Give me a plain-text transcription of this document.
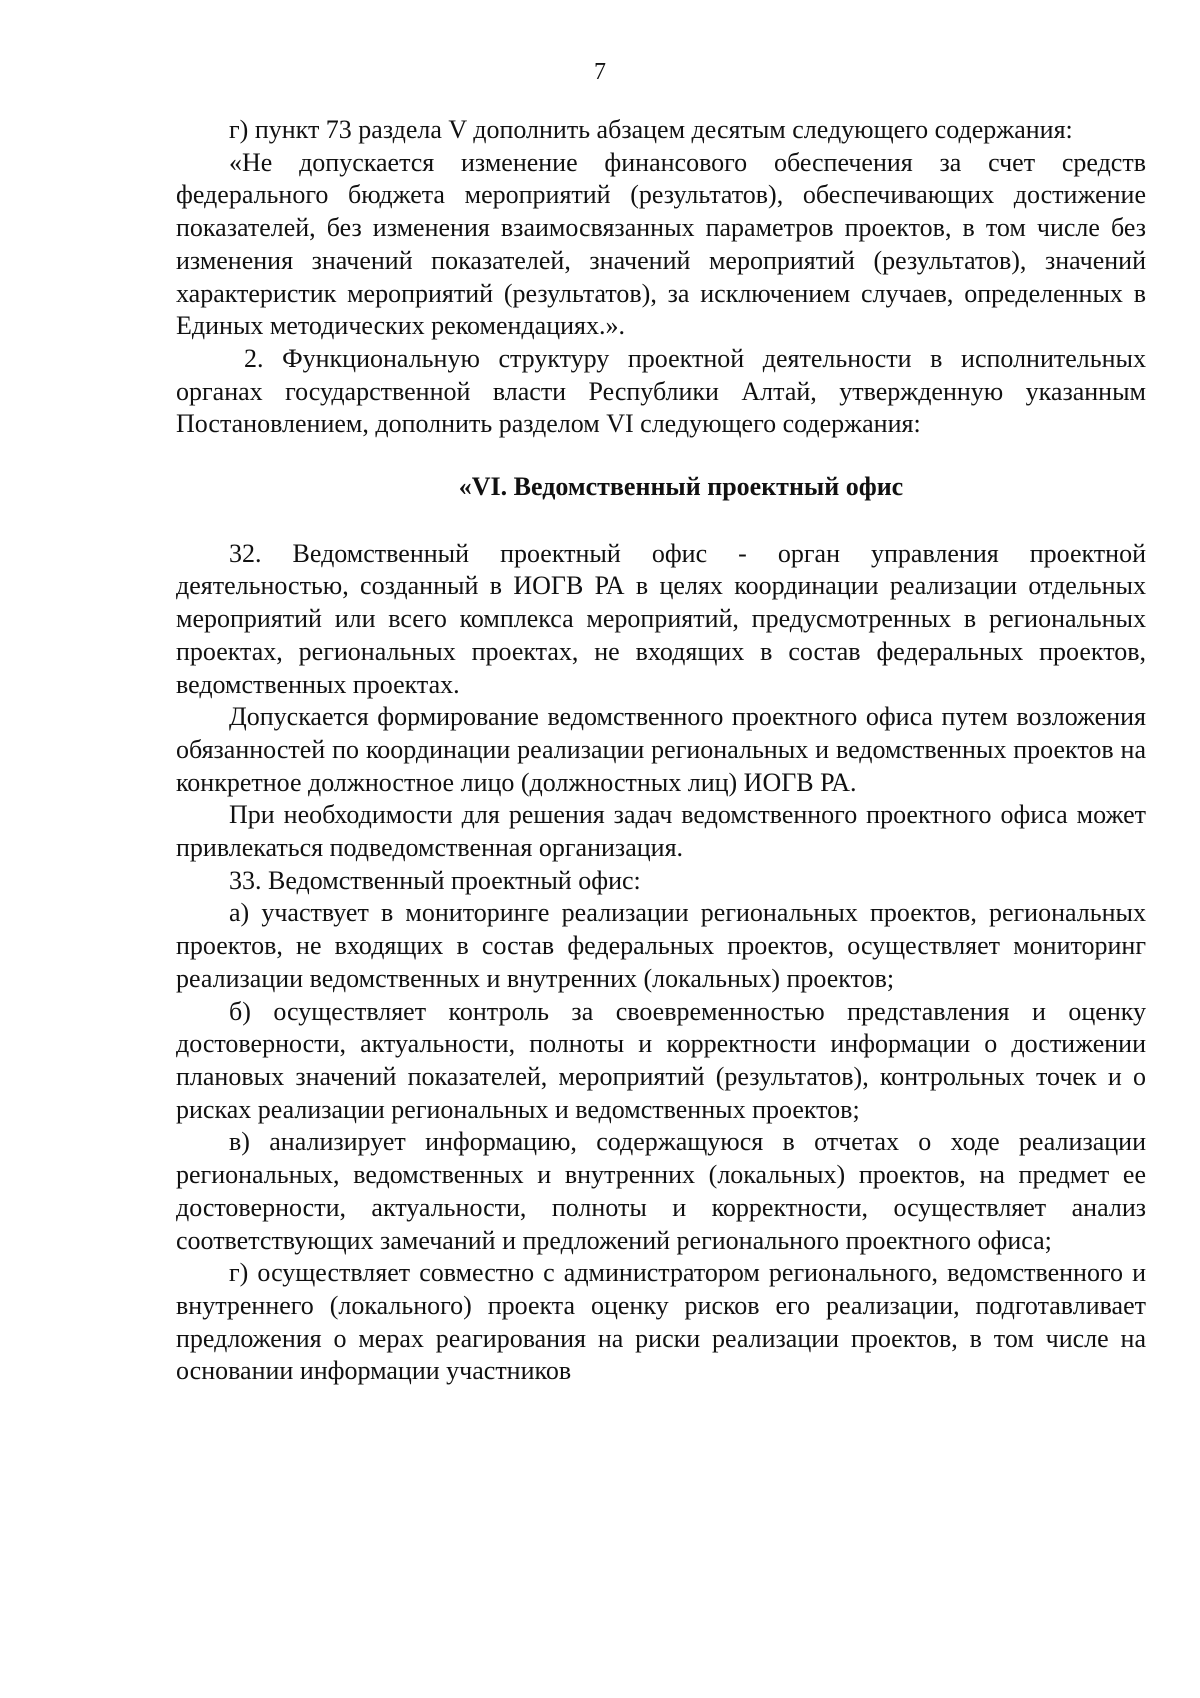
7

г) пункт 73 раздела V дополнить абзацем десятым следующего содержания:

«Не допускается изменение финансового обеспечения за счет средств федерального бюджета мероприятий (результатов), обеспечивающих достижение показателей, без изменения взаимосвязанных параметров проектов, в том числе без изменения значений показателей, значений мероприятий (результатов), значений характеристик мероприятий (результатов), за исключением случаев, определенных в Единых методических рекомендациях.».

2. Функциональную структуру проектной деятельности в исполнительных органах государственной власти Республики Алтай, утвержденную указанным Постановлением, дополнить разделом VI следующего содержания:

«VI. Ведомственный проектный офис

32. Ведомственный проектный офис - орган управления проектной деятельностью, созданный в ИОГВ РА в целях координации реализации отдельных мероприятий или всего комплекса мероприятий, предусмотренных в региональных проектах, региональных проектах, не входящих в состав федеральных проектов, ведомственных проектах.

Допускается формирование ведомственного проектного офиса путем возложения обязанностей по координации реализации региональных и ведомственных проектов на конкретное должностное лицо (должностных лиц) ИОГВ РА.

При необходимости для решения задач ведомственного проектного офиса может привлекаться подведомственная организация.

33. Ведомственный проектный офис:

а) участвует в мониторинге реализации региональных проектов, региональных проектов, не входящих в состав федеральных проектов, осуществляет мониторинг реализации ведомственных и внутренних (локальных) проектов;

б) осуществляет контроль за своевременностью представления и оценку достоверности, актуальности, полноты и корректности информации о достижении плановых значений показателей, мероприятий (результатов), контрольных точек и о рисках реализации региональных и ведомственных проектов;

в) анализирует информацию, содержащуюся в отчетах о ходе реализации региональных, ведомственных и внутренних (локальных) проектов, на предмет ее достоверности, актуальности, полноты и корректности, осуществляет анализ соответствующих замечаний и предложений регионального проектного офиса;

г) осуществляет совместно с администратором регионального, ведомственного и внутреннего (локального) проекта оценку рисков его реализации, подготавливает предложения о мерах реагирования на риски реализации проектов, в том числе на основании информации участников
